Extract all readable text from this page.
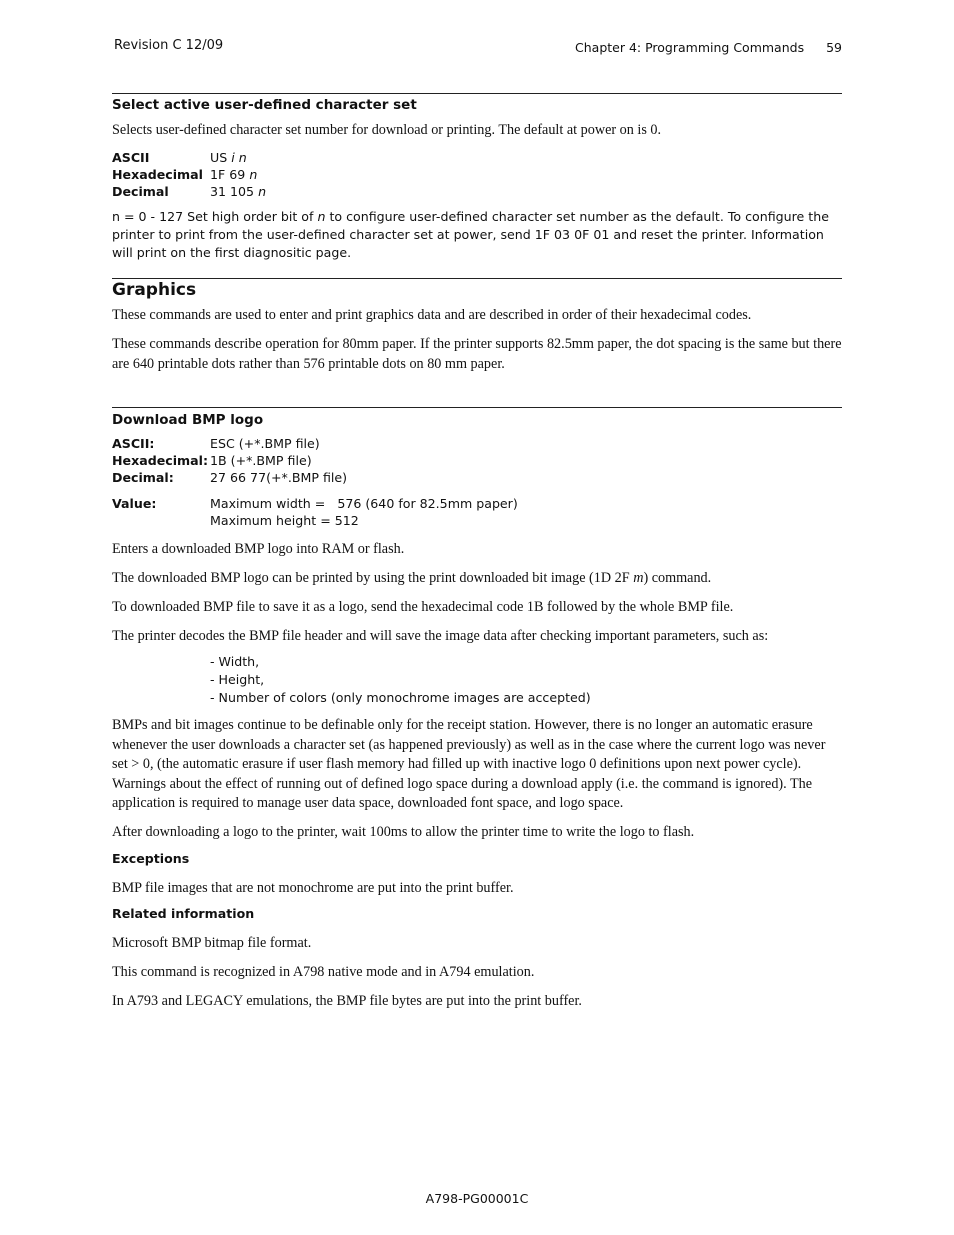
Revision C 12/09	Chapter 4: Programming Commands 59
Select active user-defined character set
Selects user-defined character set number for download or printing. The default at power on is 0.
ASCII	US i n
Hexadecimal 1F 69 n
Decimal	31 105 n
n = 0 - 127 Set high order bit of n to configure user-defined character set number as the default. To configure the printer to print from the user-defined character set at power, send 1F 03 0F 01 and reset the printer. Information will print on the first diagnositic page.
Graphics
These commands are used to enter and print graphics data and are described in order of their hexadecimal codes.
These commands describe operation for 80mm paper. If the printer supports 82.5mm paper, the dot spacing is the same but there are 640 printable dots rather than 576 printable dots on 80 mm paper.
Download BMP logo
ASCII:	ESC (+*.BMP file)
Hexadecimal: 1B (+*.BMP file)
Decimal:	27 66 77(+*.BMP file)
Value:	Maximum width =   576 (640 for 82.5mm paper)
Maximum height = 512
Enters a downloaded BMP logo into RAM or flash.
The downloaded BMP logo can be printed by using the print downloaded bit image (1D 2F m) command.
To downloaded BMP file to save it as a logo, send the hexadecimal code 1B followed by the whole BMP file.
The printer decodes the BMP file header and will save the image data after checking important parameters, such as:
- Width,
- Height,
- Number of colors (only monochrome images are accepted)
BMPs and bit images continue to be definable only for the receipt station. However, there is no longer an automatic erasure whenever the user downloads a character set (as happened previously) as well as in the case where the current logo was never set > 0, (the automatic erasure if user flash memory had filled up with inactive logo 0 definitions upon next power cycle). Warnings about the effect of running out of defined logo space during a download apply (i.e. the command is ignored). The application is required to manage user data space, downloaded font space, and logo space.
After downloading a logo to the printer, wait 100ms to allow the printer time to write the logo to flash.
Exceptions
BMP file images that are not monochrome are put into the print buffer.
Related information
Microsoft BMP bitmap file format.
This command is recognized in A798 native mode and in A794 emulation.
In A793 and LEGACY emulations, the BMP file bytes are put into the print buffer.
A798-PG00001C
